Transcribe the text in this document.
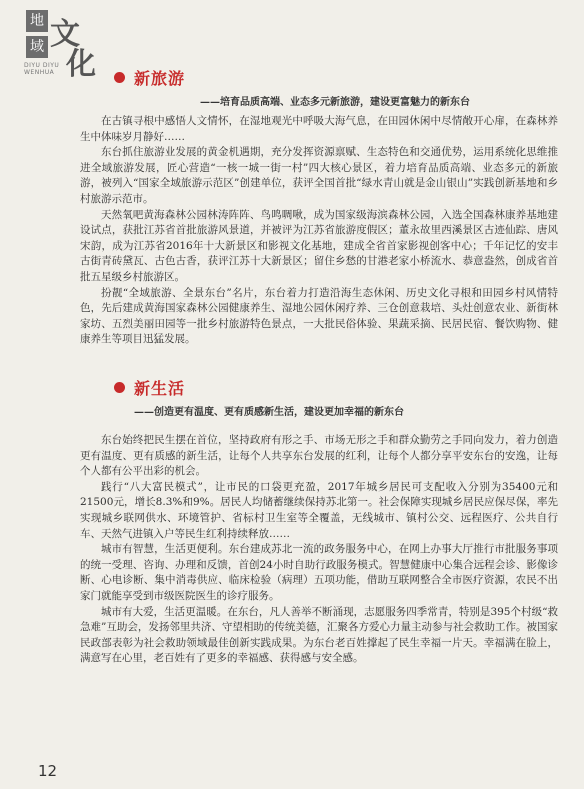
地
域 文
化
DIYU DIYU WENHUA	新旅游
——培育品质高端、业态多元新旅游，建设更富魅力的新东台

在古镇寻根中感悟人文情怀，在湿地观光中呼吸大海气息，在田园休闲中尽情敞开心扉，在森林养生中体味岁月静好……

东台抓住旅游业发展的黄金机遇期，充分发挥资源禀赋、生态特色和交通优势，运用系统化思维推进全域旅游发展，匠心营造“一核一城一街一村”四大核心景区，着力培育品质高端、业态多元的新旅游，被列入“国家全域旅游示范区”创建单位，获评全国首批“绿水青山就是金山银山”实践创新基地和乡村旅游示范市。

天然氧吧黄海森林公园林涛阵阵、鸟鸣啁啾，成为国家级海滨森林公园，入选全国森林康养基地建设试点，获批江苏省首批旅游风景道，并被评为江苏省旅游度假区；董永故里西溪景区古迹仙踪、唐风宋韵，成为江苏省2016年十大新景区和影视文化基地，建成全省首家影视创客中心；千年记忆的安丰古街青砖黛瓦、古色古香，获评江苏十大新景区；留住乡愁的甘港老家小桥流水、恭意盎然，创成省首批五星级乡村旅游区。

扮靓“全域旅游、全景东台”名片，东台着力打造沿海生态休闲、历史文化寻根和田园乡村风情特色，先后建成黄海国家森林公园健康养生、湿地公园休闲疗养、三仓创意栽培、头灶创意农业、新街林家坊、五烈美丽田园等一批乡村旅游特色景点，一大批民俗体验、果蔬采摘、民居民宿、餐饮购物、健康养生等项目迅猛发展。

新生活
——创造更有温度、更有质感新生活，建设更加幸福的新东台

东台始终把民生摆在首位，坚持政府有形之手、市场无形之手和群众勤劳之手同向发力，着力创造更有温度、更有质感的新生活，让每个人共享东台发展的红利，让每个人都分享平安东台的安逸，让每个人都有公平出彩的机会。

践行“八大富民模式”，让市民的口袋更充盈，2017年城乡居民可支配收入分别为35400元和21500元，增长8.3%和9%。居民人均储蓄继续保持苏北第一。社会保障实现城乡居民应保尽保，率先实现城乡联网供水、环境管护、省标村卫生室等全覆盖，无线城市、镇村公交、远程医疗、公共自行车、天然气进镇入户等民生红利持续释放……

城市有智慧，生活更便利。东台建成苏北一流的政务服务中心，在网上办事大厅推行市批服务事项的统一受理、咨询、办理和反馈，首创24小时自助行政服务模式。智慧健康中心集合远程会诊、影像诊断、心电诊断、集中消毒供应、临床检验（病理）五项功能，借助互联网整合全市医疗资源，农民不出家门就能享受到市级医院医生的诊疗服务。

城市有大爱，生活更温暖。在东台，凡人善举不断涌现，志愿服务四季常青，特别是395个村级“救急难”互助会，发扬邻里共济、守望相助的传统美德，汇聚各方爱心力量主动参与社会救助工作。被国家民政部表彰为社会救助领域最佳创新实践成果。为东台老百姓撑起了民生幸福一片天。幸福满在脸上，满意写在心里，老百姓有了更多的幸福感、获得感与安全感。

12
